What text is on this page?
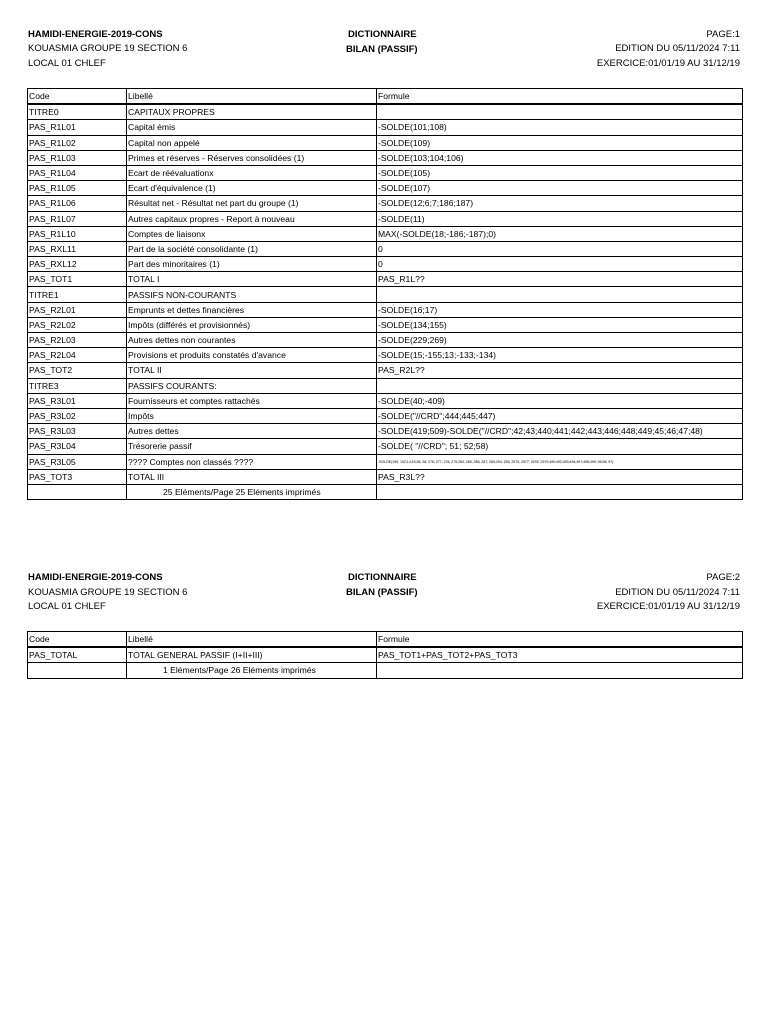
HAMIDI-ENERGIE-2019-CONS
KOUASMIA GROUPE 19 SECTION 6
LOCAL 01 CHLEF
DICTIONNAIRE
BILAN (PASSIF)
PAGE:1
EDITION DU 05/11/2024 7:11
EXERCICE:01/01/19 AU 31/12/19
Code	Libellé	Formule
TITRE0	CAPITAUX PROPRES	
PAS_R1L01	Capital émis	-SOLDE(101;108)
PAS_R1L02	Capital non appelé	-SOLDE(109)
PAS_R1L03	Primes et réserves - Réserves consolidées (1)	-SOLDE(103;104;106)
PAS_R1L04	Ecart de réévaluationx	-SOLDE(105)
PAS_R1L05	Ecart d'équivalence (1)	-SOLDE(107)
PAS_R1L06	Résultat net - Résultat net part du groupe (1)	-SOLDE(12;6;7;186;187)
PAS_R1L07	Autres capitaux propres - Report à nouveau	-SOLDE(11)
PAS_R1L10	Comptes de liaisonx	MAX(-SOLDE(18;-186;-187);0)
PAS_RXL11	Part de la société consolidante (1)	0
PAS_RXL12	Part des minoritaires (1)	0
PAS_TOT1	TOTAL I	PAS_R1L??
TITRE1	PASSIFS NON-COURANTS	
PAS_R2L01	Emprunts et dettes financières	-SOLDE(16;17)
PAS_R2L02	Impôts (différés et provisionnés)	-SOLDE(134;155)
PAS_R2L03	Autres dettes non courantes	-SOLDE(229;269)
PAS_R2L04	Provisions et produits constatés d'avance	-SOLDE(15;-155;13;-133;-134)
PAS_TOT2	TOTAL II	PAS_R2L??
TITRE3	PASSIFS COURANTS:	
PAS_R3L01	Fournisseurs et comptes rattachés	-SOLDE(40;-409)
PAS_R3L02	Impôts	-SOLDE("//CRD";444;445;447)
PAS_R3L03	Autres dettes	-SOLDE(419;509)-SOLDE("//CRD";42;43;440;441;442;443;446;448;449;45;46;47;48)
PAS_R3L04	Trésorerie passif	-SOLDE( "//CRD"; 51; 52;58)
PAS_R3L05	???? Comptes non classés ????	-SOLDE(190; 192;14;19;26; 28; 276; 277; 278; 279;284; 285; 286; 287; 289;294; 295; 2970; 2977; 2978; 2979;490;492;493;494;497;498;499; 55;56; 57)
PAS_TOT3	TOTAL III	PAS_R3L??
	25 Eléments/Page 25 Eléments imprimés	
HAMIDI-ENERGIE-2019-CONS
KOUASMIA GROUPE 19 SECTION 6
LOCAL 01 CHLEF
DICTIONNAIRE
BILAN (PASSIF)
PAGE:2
EDITION DU 05/11/2024 7:11
EXERCICE:01/01/19 AU 31/12/19
Code	Libellé	Formule
PAS_TOTAL	TOTAL GENERAL PASSIF (I+II+III)	PAS_TOT1+PAS_TOT2+PAS_TOT3
	1 Eléments/Page 26 Eléments imprimés	
